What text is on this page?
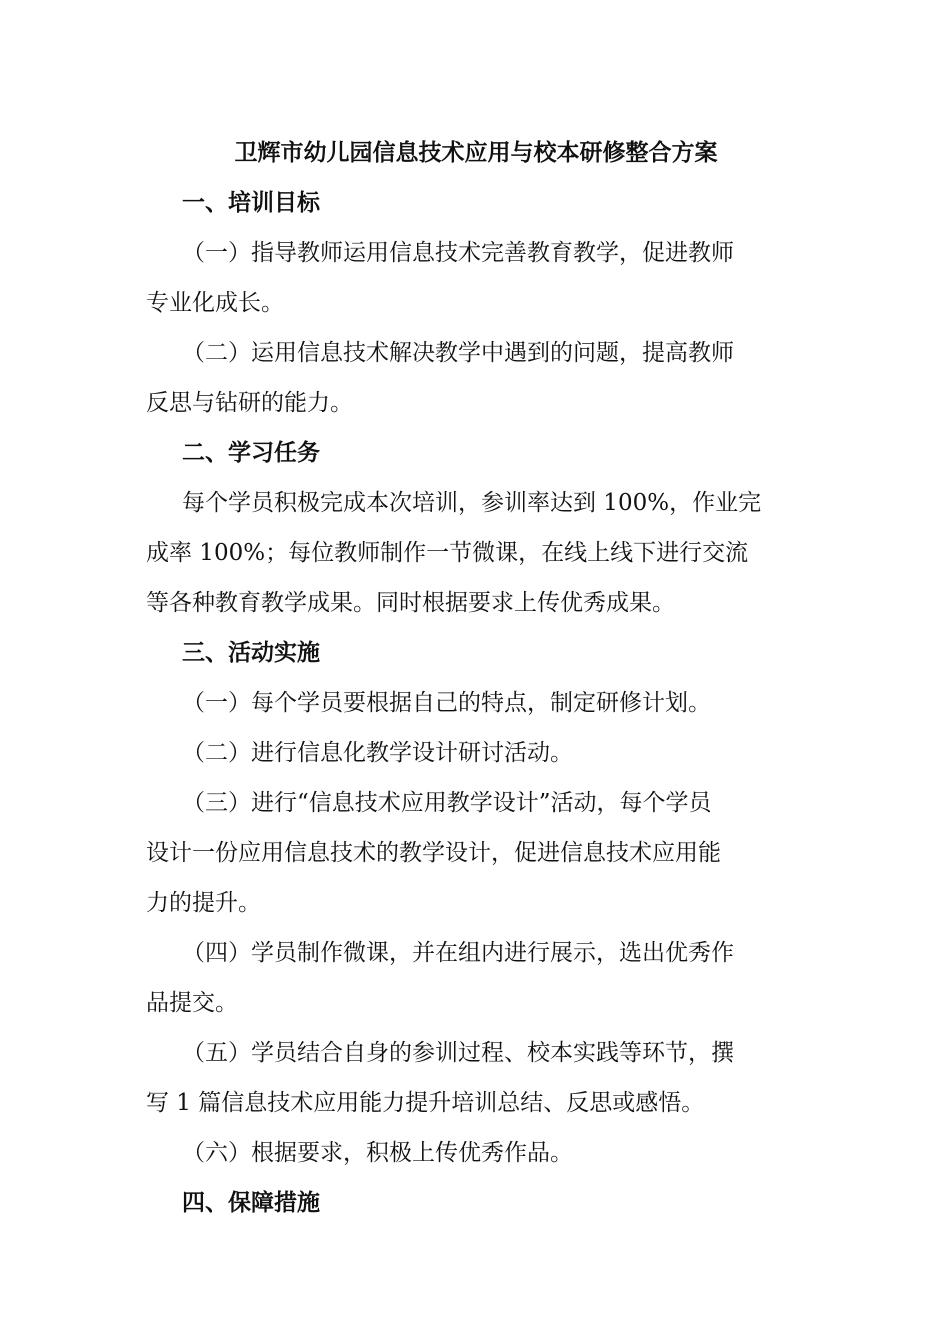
卫辉市幼儿园信息技术应用与校本研修整合方案
一、培训目标

（一）指导教师运用信息技术完善教育教学，促进教师
专业化成长。

（二）运用信息技术解决教学中遇到的问题，提高教师
反思与钻研的能力。

二、学习任务

每个学员积极完成本次培训，参训率达到 100%，作业完
成率 100%；每位教师制作一节微课，在线上线下进行交流
等各种教育教学成果。同时根据要求上传优秀成果。

三、活动实施

（一）每个学员要根据自己的特点，制定研修计划。

（二）进行信息化教学设计研讨活动。

（三）进行“信息技术应用教学设计”活动，每个学员
设计一份应用信息技术的教学设计，促进信息技术应用能
力的提升。

（四）学员制作微课，并在组内进行展示，选出优秀作
品提交。

（五）学员结合自身的参训过程、校本实践等环节，撰
写 1 篇信息技术应用能力提升培训总结、反思或感悟。

（六）根据要求，积极上传优秀作品。

四、保障措施
